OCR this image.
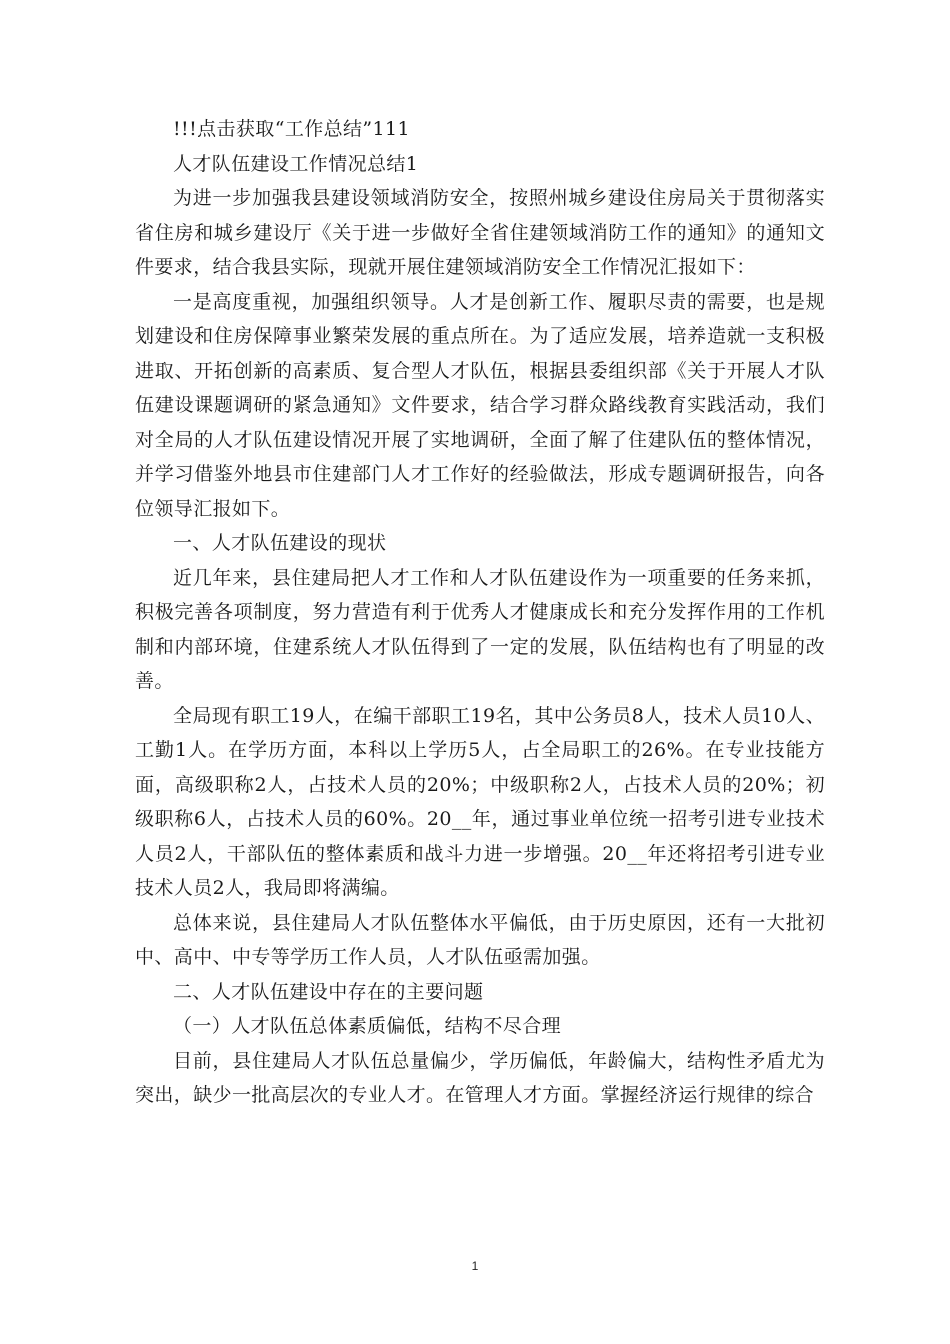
!!!点击获取“工作总结”111

人才队伍建设工作情况总结1

为进一步加强我县建设领域消防安全，按照州城乡建设住房局关于贯彻落实省住房和城乡建设厅《关于进一步做好全省住建领域消防工作的通知》的通知文件要求，结合我县实际，现就开展住建领域消防安全工作情况汇报如下：

一是高度重视，加强组织领导。人才是创新工作、履职尽责的需要，也是规划建设和住房保障事业繁荣发展的重点所在。为了适应发展，培养造就一支积极进取、开拓创新的高素质、复合型人才队伍，根据县委组织部《关于开展人才队伍建设课题调研的紧急通知》文件要求，结合学习群众路线教育实践活动，我们对全局的人才队伍建设情况开展了实地调研，全面了解了住建队伍的整体情况，并学习借鉴外地县市住建部门人才工作好的经验做法，形成专题调研报告，向各位领导汇报如下。

一、人才队伍建设的现状

近几年来，县住建局把人才工作和人才队伍建设作为一项重要的任务来抓，积极完善各项制度，努力营造有利于优秀人才健康成长和充分发挥作用的工作机制和内部环境，住建系统人才队伍得到了一定的发展，队伍结构也有了明显的改善。

全局现有职工19人，在编干部职工19名，其中公务员8人，技术人员10人、工勤1人。在学历方面，本科以上学历5人，占全局职工的26%。在专业技能方面，高级职称2人，占技术人员的20%；中级职称2人，占技术人员的20%；初级职称6人，占技术人员的60%。20__年，通过事业单位统一招考引进专业技术人员2人，干部队伍的整体素质和战斗力进一步增强。20__年还将招考引进专业技术人员2人，我局即将满编。

总体来说，县住建局人才队伍整体水平偏低，由于历史原因，还有一大批初中、高中、中专等学历工作人员，人才队伍亟需加强。

二、人才队伍建设中存在的主要问题

（一）人才队伍总体素质偏低，结构不尽合理

目前，县住建局人才队伍总量偏少，学历偏低，年龄偏大，结构性矛盾尤为突出，缺少一批高层次的专业人才。在管理人才方面。掌握经济运行规律的综合

1
